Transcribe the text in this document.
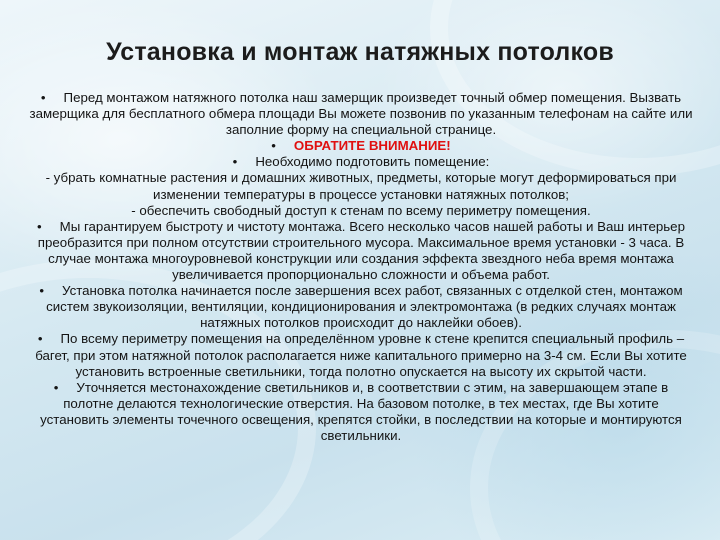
Установка и монтаж натяжных потолков

• Перед монтажом натяжного потолка наш замерщик произведет точный обмер помещения. Вызвать замерщика для бесплатного обмера площади Вы можете позвонив по указанным телефонам на сайте или заполние форму на специальной странице.

• ОБРАТИТЕ ВНИМАНИЕ!

• Необходимо подготовить помещение:

- убрать комнатные растения и домашних животных, предметы, которые могут деформироваться при изменении температуры в процессе установки натяжных потолков;

- обеспечить свободный доступ к стенам по всему периметру помещения.

• Мы гарантируем быстроту и чистоту монтажа. Всего несколько часов нашей работы и Ваш интерьер преобразится при полном отсутствии строительного мусора. Максимальное время установки - 3 часа. В случае монтажа многоуровневой конструкции или создания эффекта звездного неба время монтажа увеличивается пропорционально сложности и объема работ.

• Установка потолка начинается после завершения всех работ, связанных с отделкой стен, монтажом систем звукоизоляции, вентиляции, кондиционирования и электромонтажа (в редких случаях монтаж натяжных потолков происходит до наклейки обоев).

• По всему периметру помещения на определённом уровне к стене крепится специальный профиль – багет, при этом натяжной потолок располагается ниже капитального примерно на 3-4 см. Если Вы хотите установить встроенные светильники, тогда полотно опускается на высоту их скрытой части.

• Уточняется местонахождение светильников и, в соответствии с этим, на завершающем этапе в полотне делаются технологические отверстия. На базовом потолке, в тех местах, где Вы хотите установить элементы точечного освещения, крепятся стойки, в последствии на которые и монтируются светильники.
